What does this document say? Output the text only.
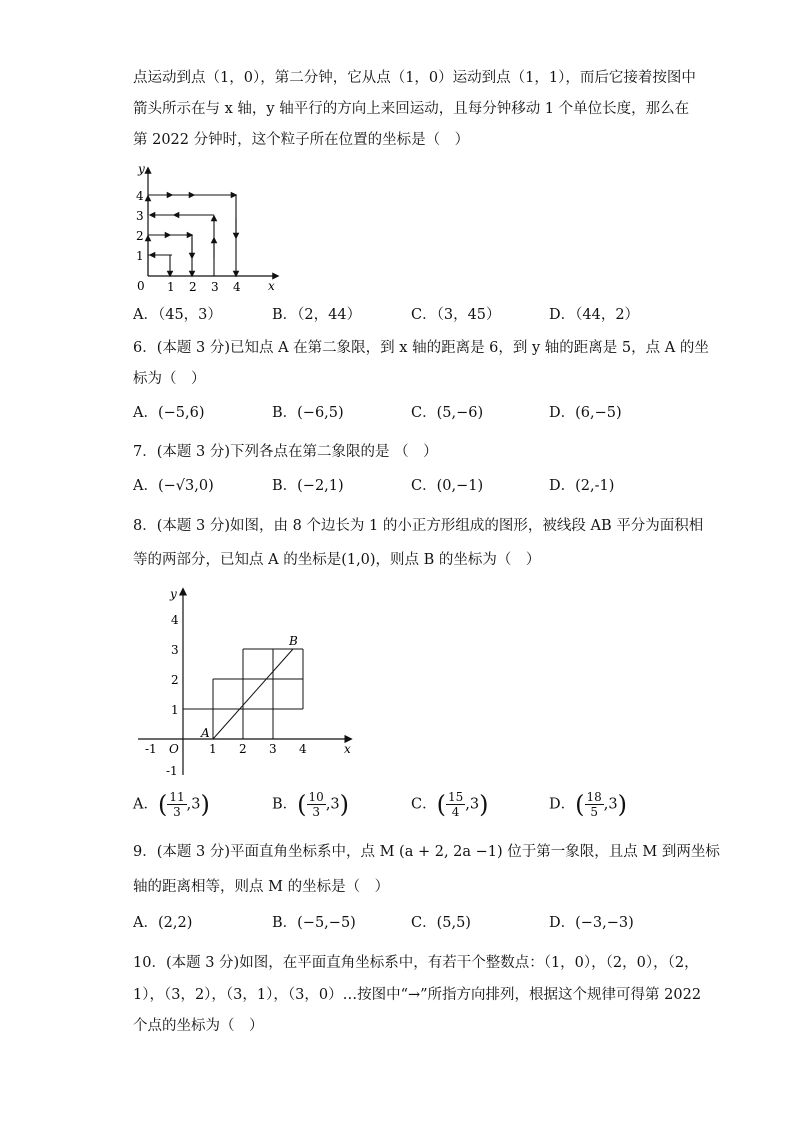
点运动到点（1，0），第二分钟，它从点（1，0）运动到点（1，1），而后它接着按图中
箭头所示在与 x 轴，y 轴平行的方向上来回运动，且每分钟移动 1 个单位长度，那么在
第 2022 分钟时，这个粒子所在位置的坐标是（　）
y
x
0 1 2 3 4
1
2
3
4
A．（45，3）	B．（2，44）	C．（3，45）	D．（44，2）
6．(本题 3 分)已知点 A 在第二象限，到 x 轴的距离是 6，到 y 轴的距离是 5，点 A 的坐
标为（　）
A．(−5,6)	B．(−6,5)	C．(5,−6)	D．(6,−5)
7．(本题 3 分)下列各点在第二象限的是 （　）
A．(−√3,0)	B．(−2,1)	C．(0,−1)	D．(2,-1)
8．(本题 3 分)如图，由 8 个边长为 1 的小正方形组成的图形，被线段 AB 平分为面积相
等的两部分，已知点 A 的坐标是(1,0)，则点 B 的坐标为（　）
A
B
y
x
O
-1	1 2 3 4
4
3
2
1
-1
A．( $\frac{11}{3} ,3$)	B．( $\frac{10}{3} ,3$)	C．( $\frac{15}{4} ,3$)	D．( $\frac{18}{5} ,3$)
9．(本题 3 分)平面直角坐标系中，点 M (a + 2, 2a −1) 位于第一象限，且点 M 到两坐标
轴的距离相等，则点 M 的坐标是（　）
A．(2,2)	B．(−5,−5)	C．(5,5)	D．(−3,−3)
10．(本题 3 分)如图，在平面直角坐标系中，有若干个整数点：（1，0），（2，0），（2，
1），（3，2），（3，1），（3，0）…按图中“→”所指方向排列，根据这个规律可得第 2022
个点的坐标为（　）
